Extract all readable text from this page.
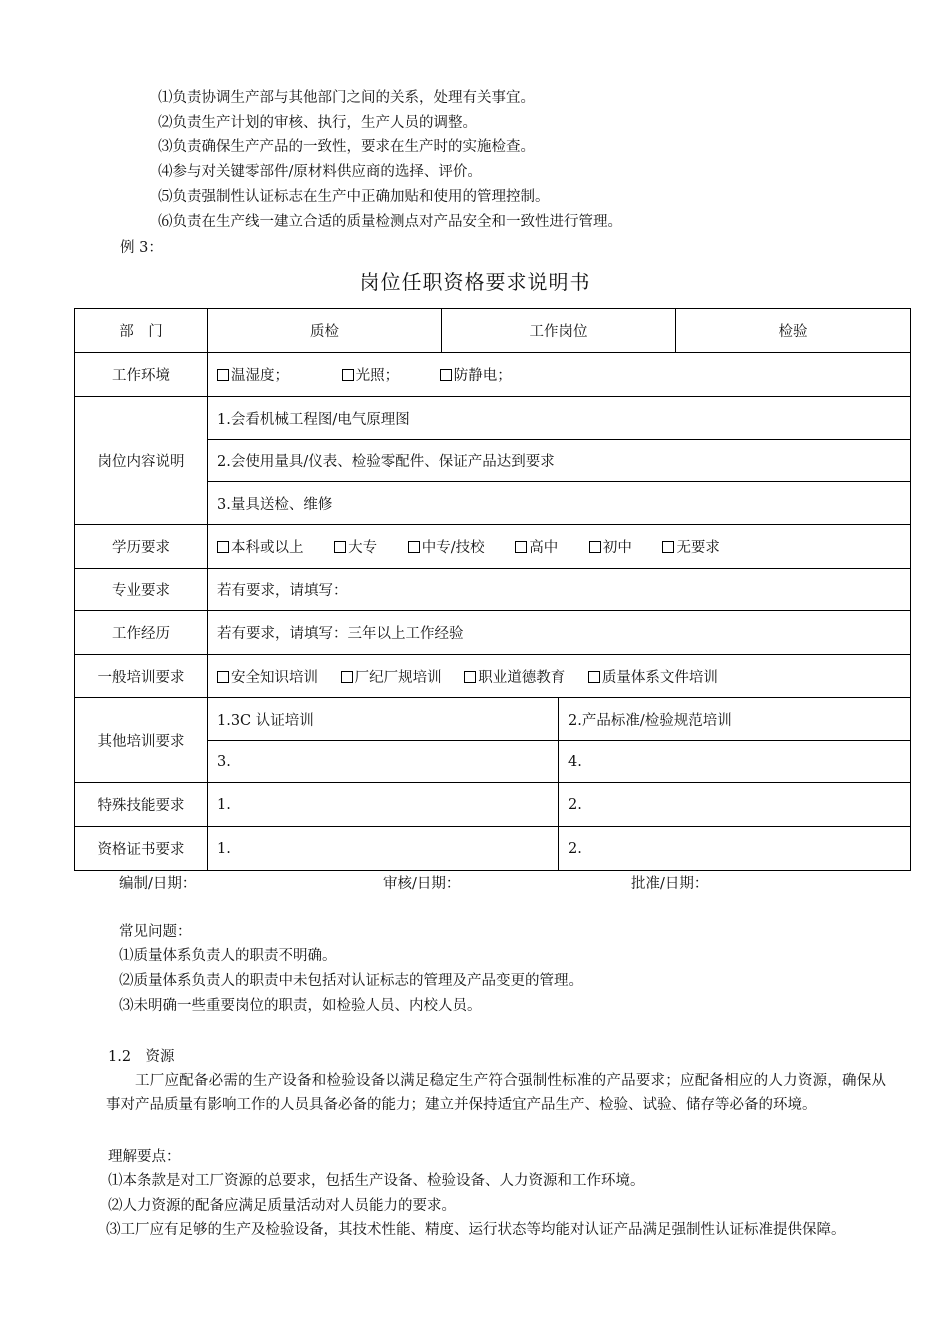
⑴负责协调生产部与其他部门之间的关系，处理有关事宜。
⑵负责生产计划的审核、执行，生产人员的调整。
⑶负责确保生产产品的一致性，要求在生产时的实施检查。
⑷参与对关键零部件/原材料供应商的选择、评价。
⑸负责强制性认证标志在生产中正确加贴和使用的管理控制。
⑹负责在生产线一建立合适的质量检测点对产品安全和一致性进行管理。
例 3：
岗位任职资格要求说明书
部　门	质检	工作岗位		检验
工作环境	温湿度； 光照； 防静电；			
岗位内容说明	1.会看机械工程图/电气原理图			
	2.会使用量具/仪表、检验零配件、保证产品达到要求			
	3.量具送检、维修			
学历要求	本科或以上 大专 中专/技校 高中 初中 无要求			
专业要求	若有要求，请填写：			
工作经历	若有要求，请填写：三年以上工作经验			
一般培训要求	安全知识培训 厂纪厂规培训 职业道德教育 质量体系文件培训			
其他培训要求	1.3C 认证培训		2.产品标准/检验规范培训	
	3.		4.	
特殊技能要求	1.		2.	
资格证书要求	1.		2.	
编制/日期：	审核/日期：	批准/日期：
常见问题：
⑴质量体系负责人的职责不明确。
⑵质量体系负责人的职责中未包括对认证标志的管理及产品变更的管理。
⑶未明确一些重要岗位的职责，如检验人员、内校人员。
1.2　资源
工厂应配备必需的生产设备和检验设备以满足稳定生产符合强制性标准的产品要求；应配备相应的人力资源，确保从事对产品质量有影响工作的人员具备必备的能力；建立并保持适宜产品生产、检验、试验、储存等必备的环境。
理解要点：
⑴本条款是对工厂资源的总要求，包括生产设备、检验设备、人力资源和工作环境。
⑵人力资源的配备应满足质量活动对人员能力的要求。
⑶工厂应有足够的生产及检验设备，其技术性能、精度、运行状态等均能对认证产品满足强制性认证标准提供保障。
